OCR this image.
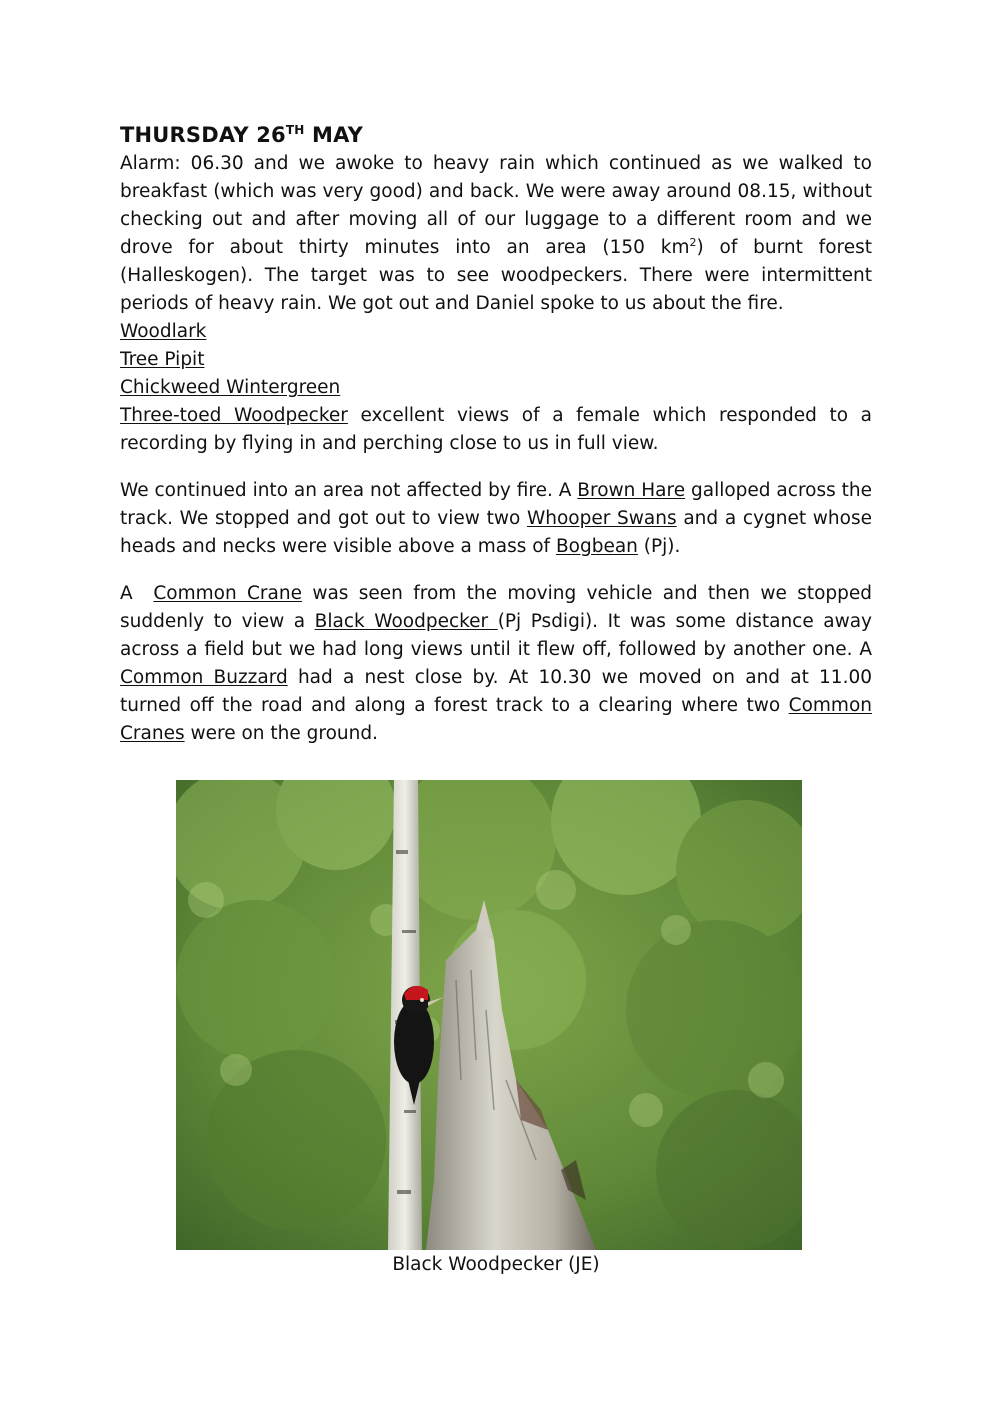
THURSDAY 26TH MAY

Alarm: 06.30 and we awoke to heavy rain which continued as we walked to breakfast (which was very good) and back. We were away around 08.15, without checking out and after moving all of our luggage to a different room and we drove for about thirty minutes into an area (150 $km^2$) of burnt forest (Halleskogen). The target was to see woodpeckers. There were intermittent periods of heavy rain. We got out and Daniel spoke to us about the fire.

Woodlark
Tree Pipit
Chickweed Wintergreen

Three-toed Woodpecker excellent views of a female which responded to a recording by flying in and perching close to us in full view.

We continued into an area not affected by fire. A Brown Hare galloped across the track. We stopped and got out to view two Whooper Swans and a cygnet whose heads and necks were visible above a mass of Bogbean (Pj).

A  Common Crane was seen from the moving vehicle and then we stopped suddenly to view a Black Woodpecker (Pj Psdigi). It was some distance away across a field but we had long views until it flew off, followed by another one. A Common Buzzard had a nest close by. At 10.30 we moved on and at 11.00 turned off the road and along a forest track to a clearing where two Common Cranes were on the ground.

Black Woodpecker (JE)
